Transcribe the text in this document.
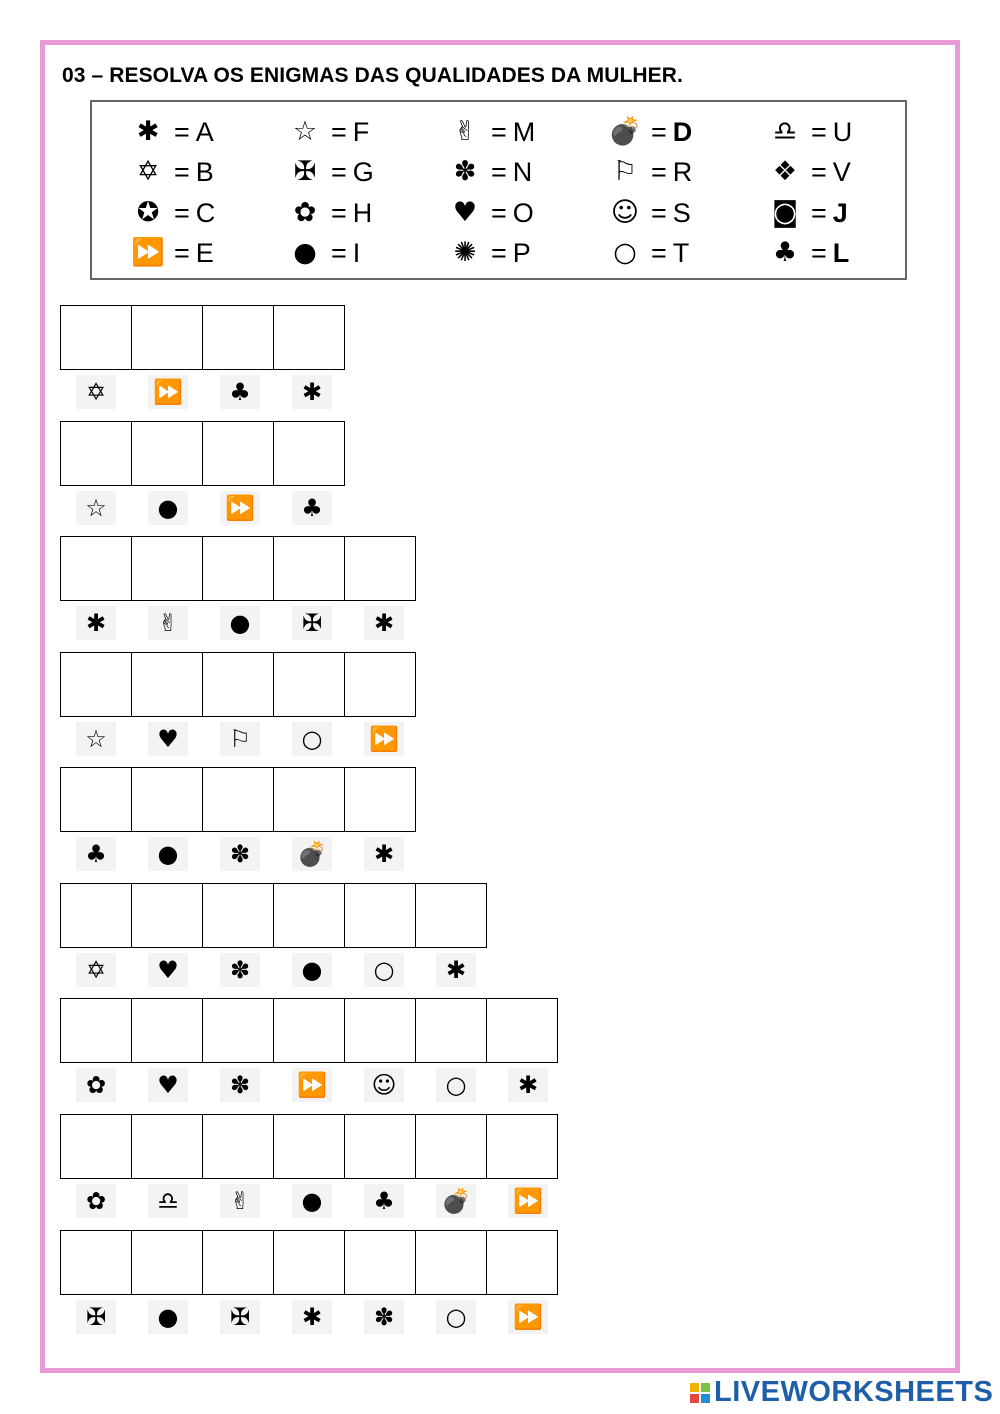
03 – RESOLVA OS ENIGMAS DAS QUALIDADES DA MULHER.
✱ = A	☆ = F	✌ = M	💣 = D	♎ = U
✡ = B	✠ = G	✽ = N	⚐ = R	❖ = V
✪ = C	✿ = H	♥ = O	☺ = S	◙ = J
⏩ = E	● = I	✺ = P	○ = T	♣ = L
✡	⏩	♣	✱
☆	●	⏩	♣
✱	✌	●	✠	✱
☆	♥	⚐	○	⏩
♣	●	✽	💣	✱
✡	♥	✽	●	○	✱
✿	♥	✽	⏩	☺	○	✱
✿	♎	✌	●	♣	💣 ⏩
✠	●	✠	✱	✽	○	⏩
LIVEWORKSHEETS
